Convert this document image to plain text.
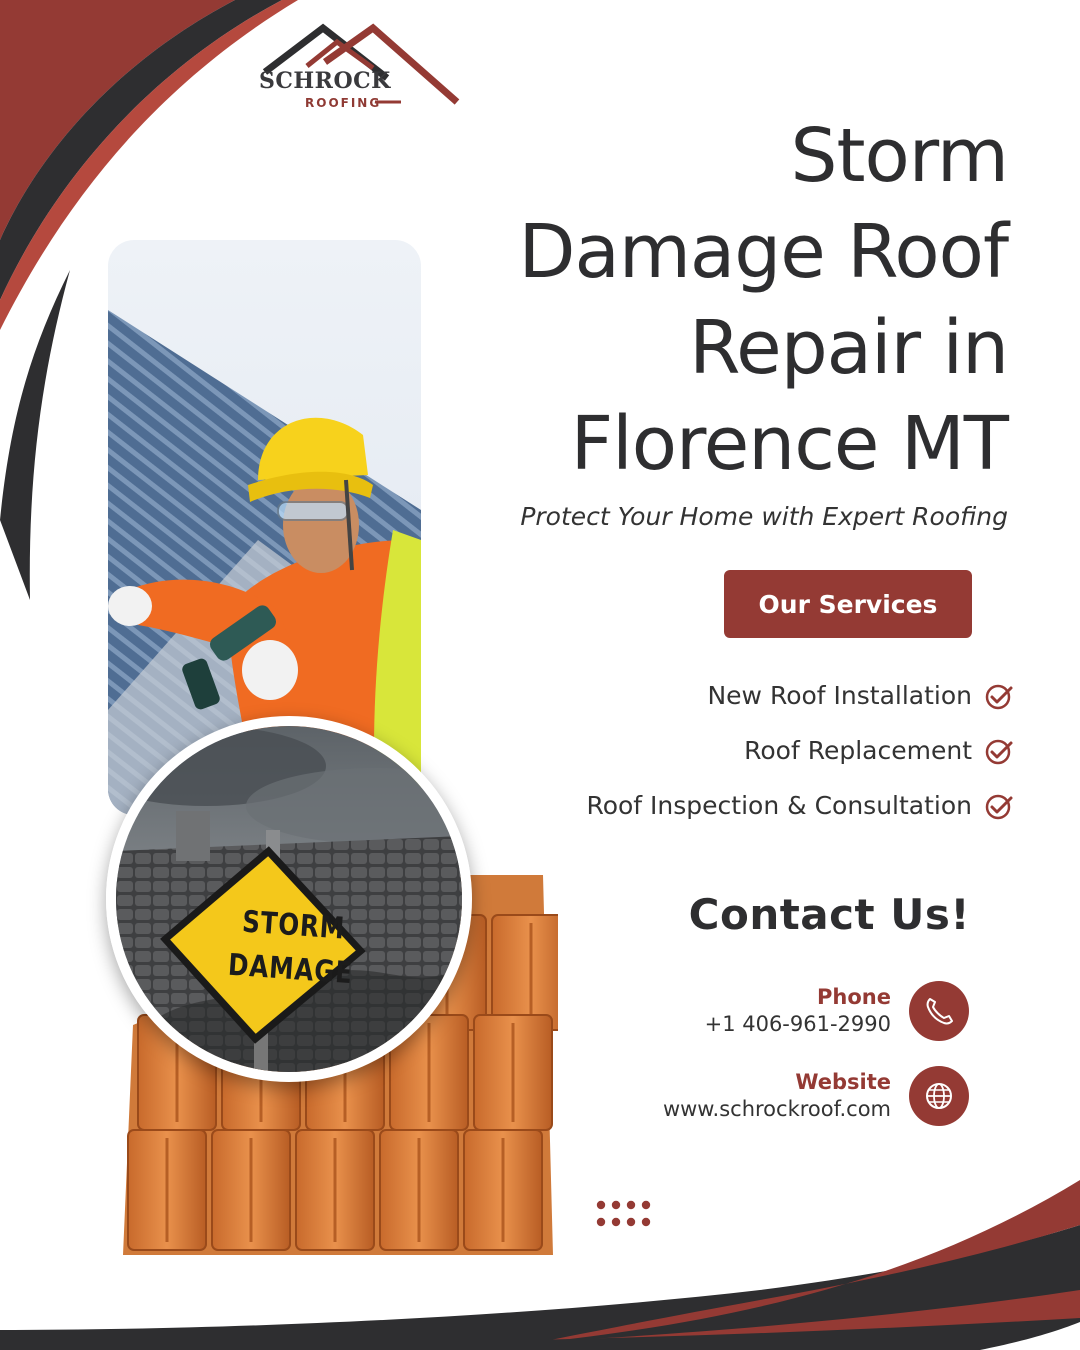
SCHROCK
ROOFING
Storm
Damage Roof
Repair in
Florence MT
Protect Your Home with Expert Roofing
STORM
DAMAGE
Our Services
New Roof Installation
Roof Replacement
Roof Inspection & Consultation
Contact Us!
Phone
+1 406-961-2990
Website
www.schrockroof.com
